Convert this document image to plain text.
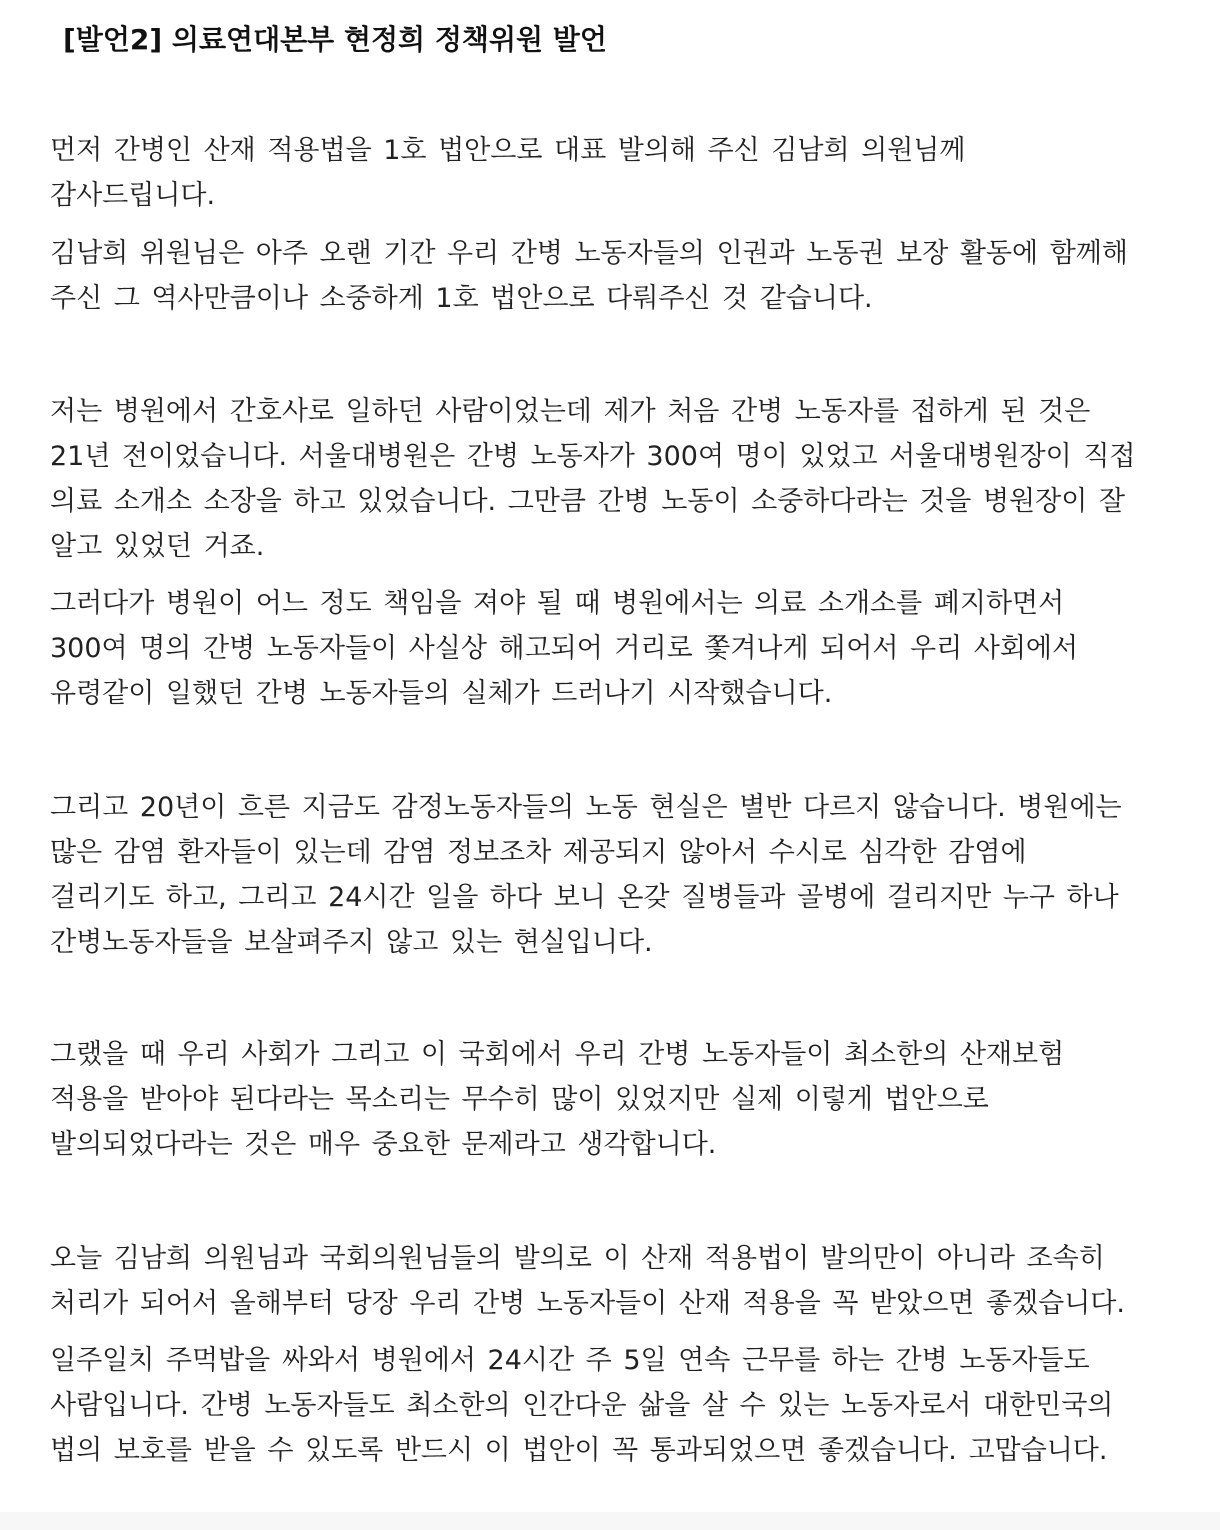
[발언2] 의료연대본부 현정희 정책위원 발언
먼저 간병인 산재 적용법을 1호 법안으로 대표 발의해 주신 김남희 의원님께
감사드립니다.
김남희 위원님은 아주 오랜 기간 우리 간병 노동자들의 인권과 노동권 보장 활동에 함께해
주신 그 역사만큼이나 소중하게 1호 법안으로 다뤄주신 것 같습니다.
저는 병원에서 간호사로 일하던 사람이었는데 제가 처음 간병 노동자를 접하게 된 것은
21년 전이었습니다. 서울대병원은 간병 노동자가 300여 명이 있었고 서울대병원장이 직접
의료 소개소 소장을 하고 있었습니다. 그만큼 간병 노동이 소중하다라는 것을 병원장이 잘
알고 있었던 거죠.
그러다가 병원이 어느 정도 책임을 져야 될 때 병원에서는 의료 소개소를 폐지하면서
300여 명의 간병 노동자들이 사실상 해고되어 거리로 쫓겨나게 되어서 우리 사회에서
유령같이 일했던 간병 노동자들의 실체가 드러나기 시작했습니다.
그리고 20년이 흐른 지금도 감정노동자들의 노동 현실은 별반 다르지 않습니다. 병원에는
많은 감염 환자들이 있는데 감염 정보조차 제공되지 않아서 수시로 심각한 감염에
걸리기도 하고, 그리고 24시간 일을 하다 보니 온갖 질병들과 골병에 걸리지만 누구 하나
간병노동자들을 보살펴주지 않고 있는 현실입니다.
그랬을 때 우리 사회가 그리고 이 국회에서 우리 간병 노동자들이 최소한의 산재보험
적용을 받아야 된다라는 목소리는 무수히 많이 있었지만 실제 이렇게 법안으로
발의되었다라는 것은 매우 중요한 문제라고 생각합니다.
오늘 김남희 의원님과 국회의원님들의 발의로 이 산재 적용법이 발의만이 아니라 조속히
처리가 되어서 올해부터 당장 우리 간병 노동자들이 산재 적용을 꼭 받았으면 좋겠습니다.
일주일치 주먹밥을 싸와서 병원에서 24시간 주 5일 연속 근무를 하는 간병 노동자들도
사람입니다. 간병 노동자들도 최소한의 인간다운 삶을 살 수 있는 노동자로서 대한민국의
법의 보호를 받을 수 있도록 반드시 이 법안이 꼭 통과되었으면 좋겠습니다. 고맙습니다.
